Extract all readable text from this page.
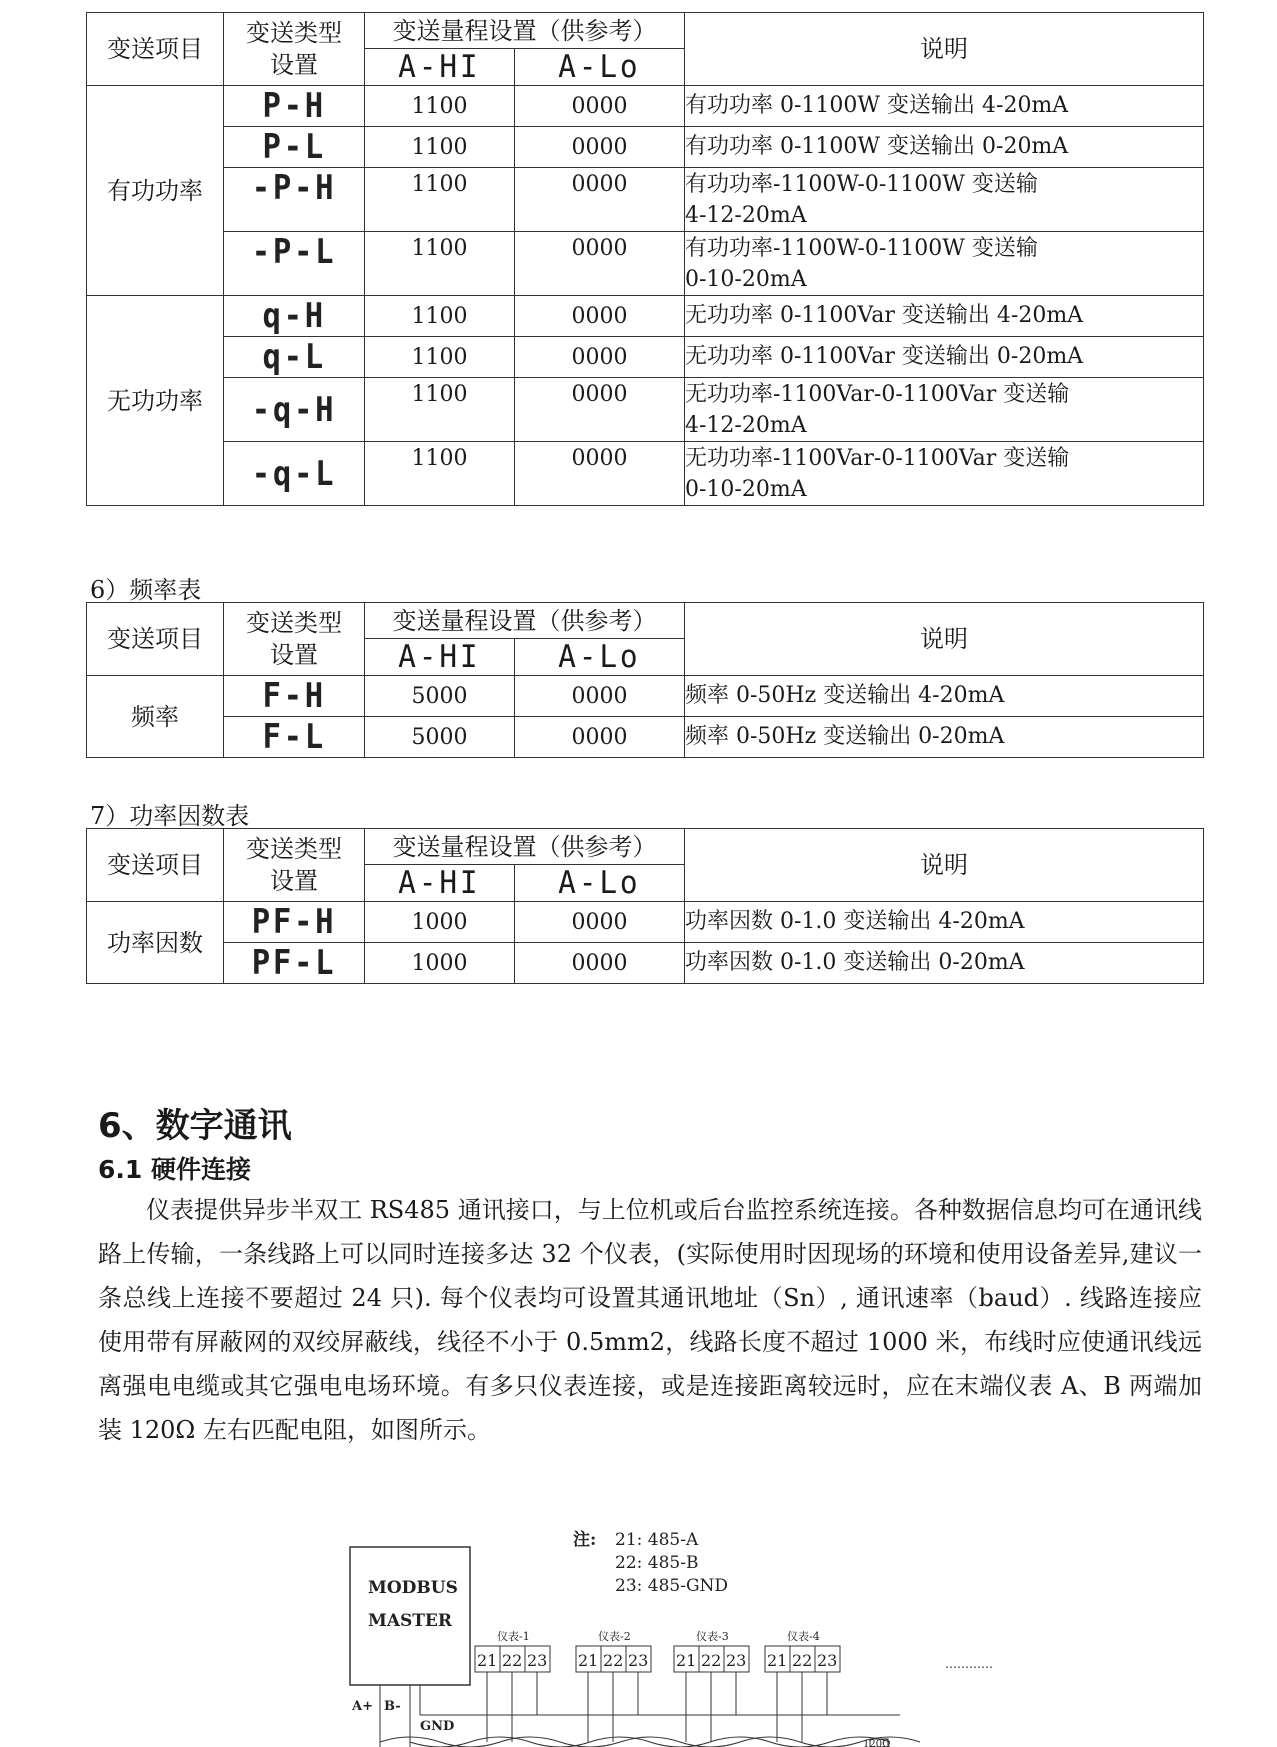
变送项目	变送类型
设置	变送量程设置（供参考）		说明
		A-HI	A-Lo	
有功功率	P-H	1100	0000	有功功率 0-1100W 变送输出 4-20mA
	P-L	1100	0000	有功功率 0-1100W 变送输出 0-20mA
	-P-H	1100	0000	有功功率-1100W-0-1100W 变送输
4-12-20mA
	-P-L	1100	0000	有功功率-1100W-0-1100W 变送输
0-10-20mA
无功功率	q-H	1100	0000	无功功率 0-1100Var 变送输出 4-20mA
	q-L	1100	0000	无功功率 0-1100Var 变送输出 0-20mA
	-q-H	1100	0000	无功功率-1100Var-0-1100Var 变送输
4-12-20mA
	-q-L	1100	0000	无功功率-1100Var-0-1100Var 变送输
0-10-20mA
6）频率表
变送项目	变送类型
设置	变送量程设置（供参考）		说明
		A-HI	A-Lo	
频率	F-H	5000	0000	频率 0-50Hz 变送输出 4-20mA
	F-L	5000	0000	频率 0-50Hz 变送输出 0-20mA
7）功率因数表
变送项目	变送类型
设置	变送量程设置（供参考）		说明
		A-HI	A-Lo	
功率因数	PF-H	1000	0000	功率因数 0-1.0 变送输出 4-20mA
	PF-L	1000	0000	功率因数 0-1.0 变送输出 0-20mA
6、数字通讯
6.1 硬件连接

仪表提供异步半双工 RS485 通讯接口，与上位机或后台监控系统连接。各种数据信息均可在通讯线路上传输，一条线路上可以同时连接多达 32 个仪表，(实际使用时因现场的环境和使用设备差异,建议一条总线上连接不要超过 24 只). 每个仪表均可设置其通讯地址（Sn）, 通讯速率（baud）. 线路连接应使用带有屏蔽网的双绞屏蔽线，线径不小于 0.5mm2，线路长度不超过 1000 米，布线时应使通讯线远离强电电缆或其它强电电场环境。有多只仪表连接，或是连接距离较远时，应在末端仪表 A、B 两端加装 120Ω 左右匹配电阻，如图所示。

MODBUS
MASTER
注: 21: 485-A
22: 485-B
23: 485-GND
仪表-1
21 22 23
仪表-2
21 22 23
仪表-3
21 22 23
仪表-4
21 22 23	…………
A+ B-
GND
120Ω
